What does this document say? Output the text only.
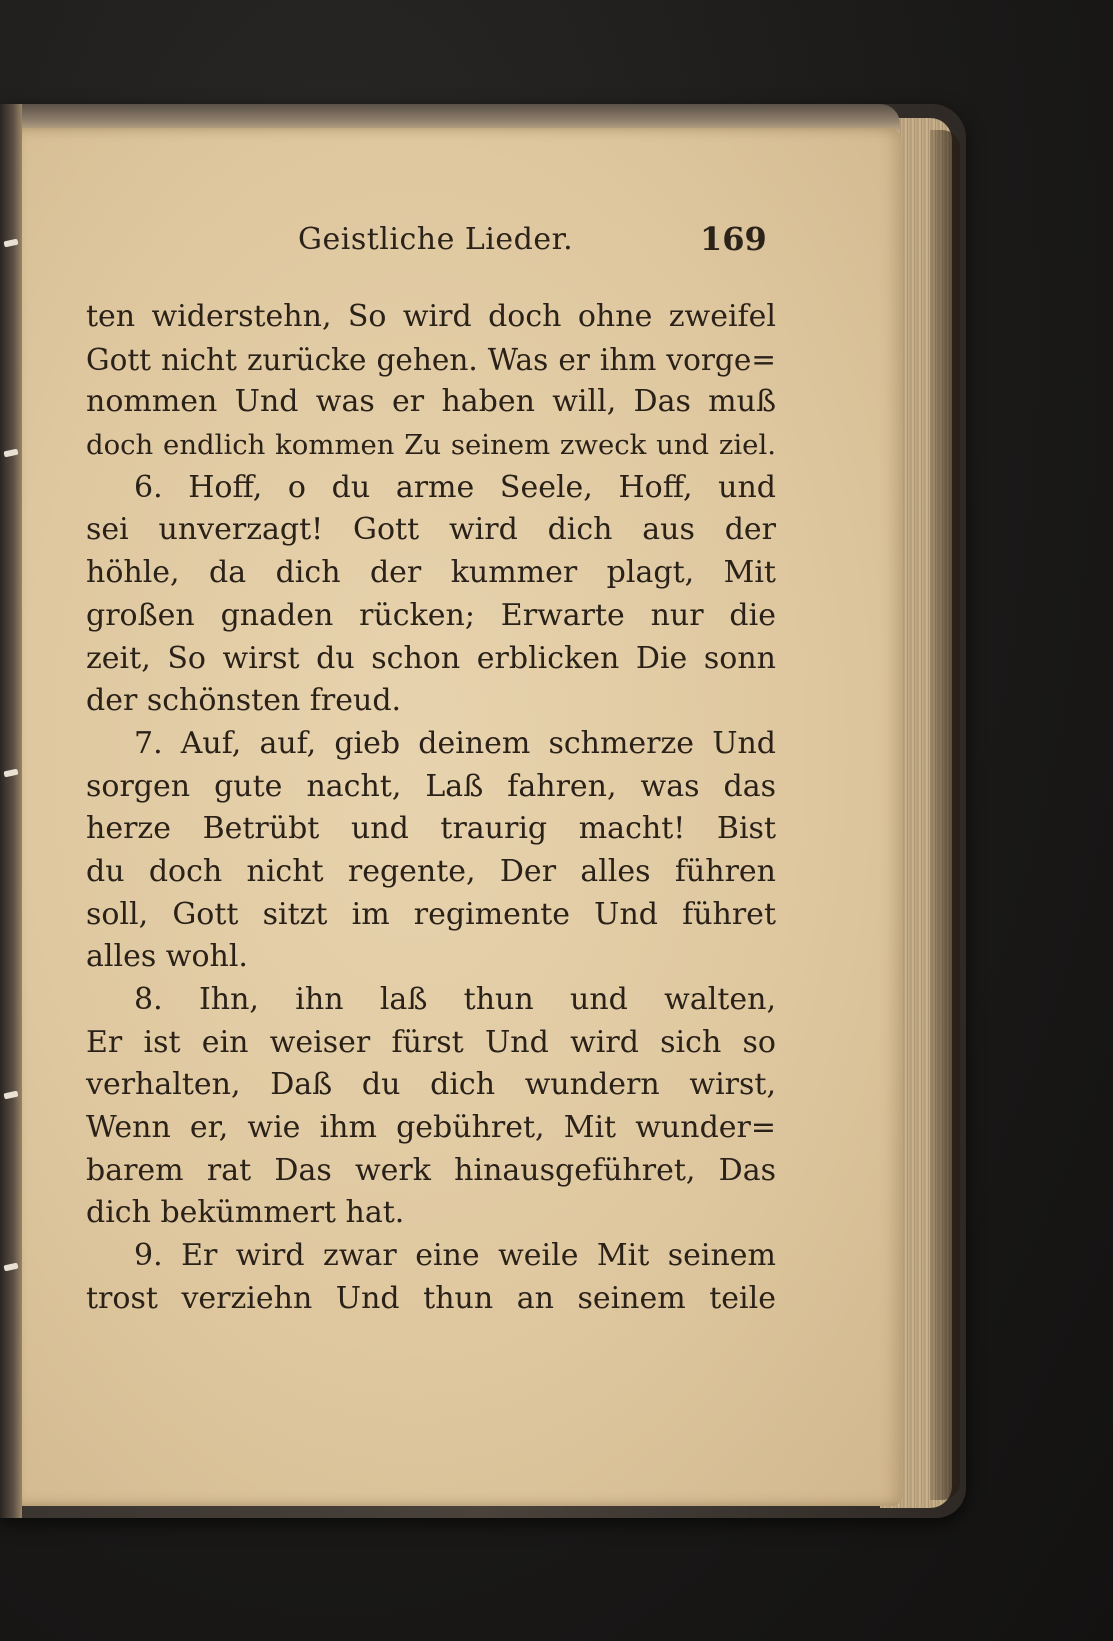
Geistliche Lieder.	169
ten widerstehn, So wird doch ohne zweifel
Gott nicht zurücke gehen. Was er ihm vorge=
nommen Und was er haben will, Das muß
doch endlich kommen Zu seinem zweck und ziel.
6. Hoff, o du arme Seele, Hoff, und
sei unverzagt! Gott wird dich aus der
höhle, da dich der kummer plagt, Mit
großen gnaden rücken; Erwarte nur die
zeit, So wirst du schon erblicken Die sonn
der schönsten freud.
7. Auf, auf, gieb deinem schmerze Und
sorgen gute nacht, Laß fahren, was das
herze Betrübt und traurig macht! Bist
du doch nicht regente, Der alles führen
soll, Gott sitzt im regimente Und führet
alles wohl.
8. Ihn, ihn laß thun und walten,
Er ist ein weiser fürst Und wird sich so
verhalten, Daß du dich wundern wirst,
Wenn er, wie ihm gebühret, Mit wunder=
barem rat Das werk hinausgeführet, Das
dich bekümmert hat.
9. Er wird zwar eine weile Mit seinem
trost verziehn Und thun an seinem teile
